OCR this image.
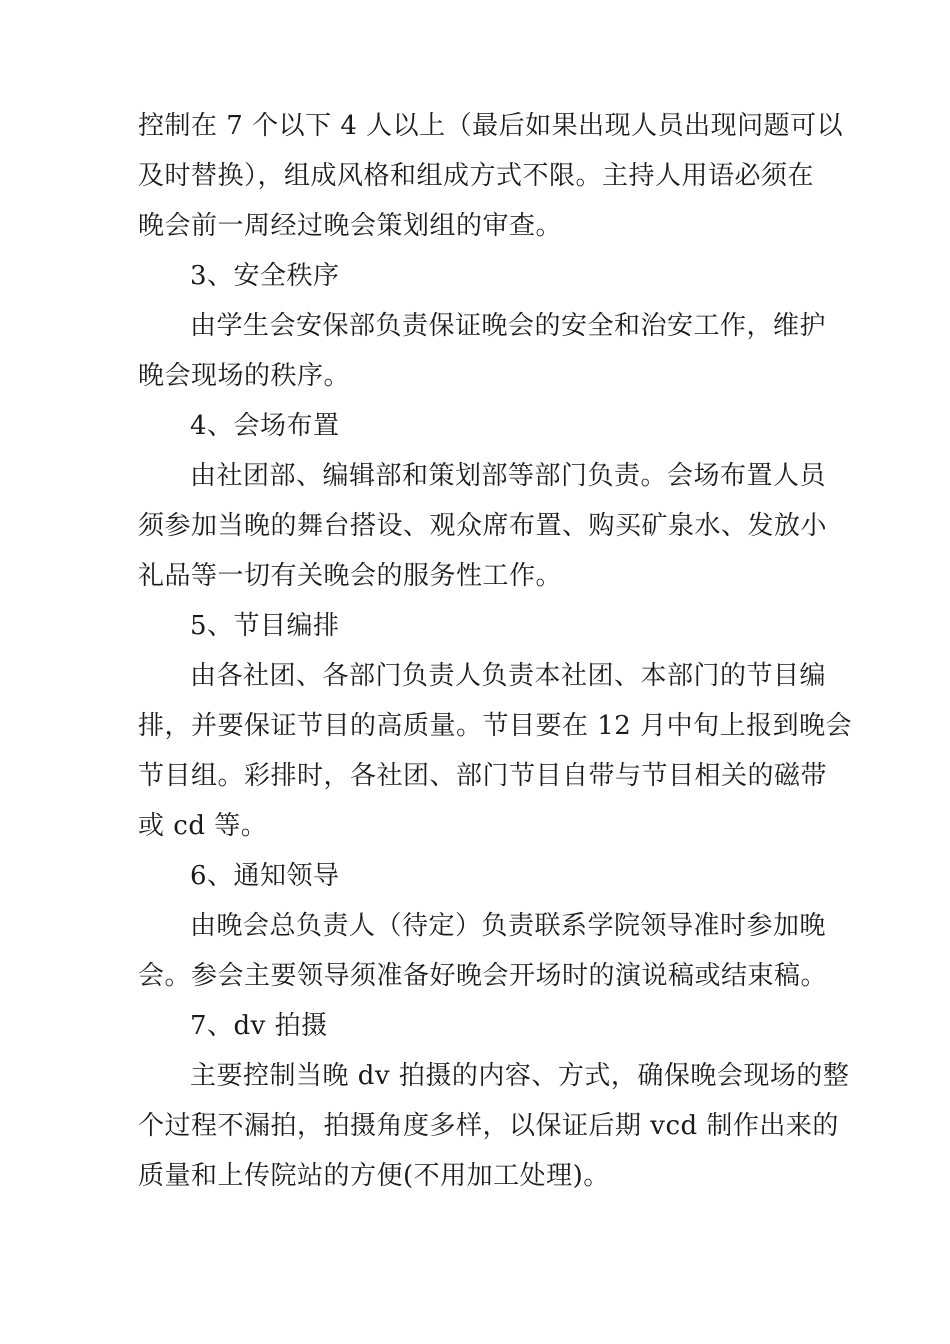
控制在 7 个以下 4 人以上（最后如果出现人员出现问题可以
及时替换），组成风格和组成方式不限。主持人用语必须在
晚会前一周经过晚会策划组的审查。
3、安全秩序
由学生会安保部负责保证晚会的安全和治安工作，维护
晚会现场的秩序。
4、会场布置
由社团部、编辑部和策划部等部门负责。会场布置人员
须参加当晚的舞台搭设、观众席布置、购买矿泉水、发放小
礼品等一切有关晚会的服务性工作。
5、节目编排
由各社团、各部门负责人负责本社团、本部门的节目编
排，并要保证节目的高质量。节目要在 12 月中旬上报到晚会
节目组。彩排时，各社团、部门节目自带与节目相关的磁带
或 cd 等。
6、通知领导
由晚会总负责人（待定）负责联系学院领导准时参加晚
会。参会主要领导须准备好晚会开场时的演说稿或结束稿。
7、dv 拍摄
主要控制当晚 dv 拍摄的内容、方式，确保晚会现场的整
个过程不漏拍，拍摄角度多样，以保证后期 vcd 制作出来的
质量和上传院站的方便(不用加工处理)。
